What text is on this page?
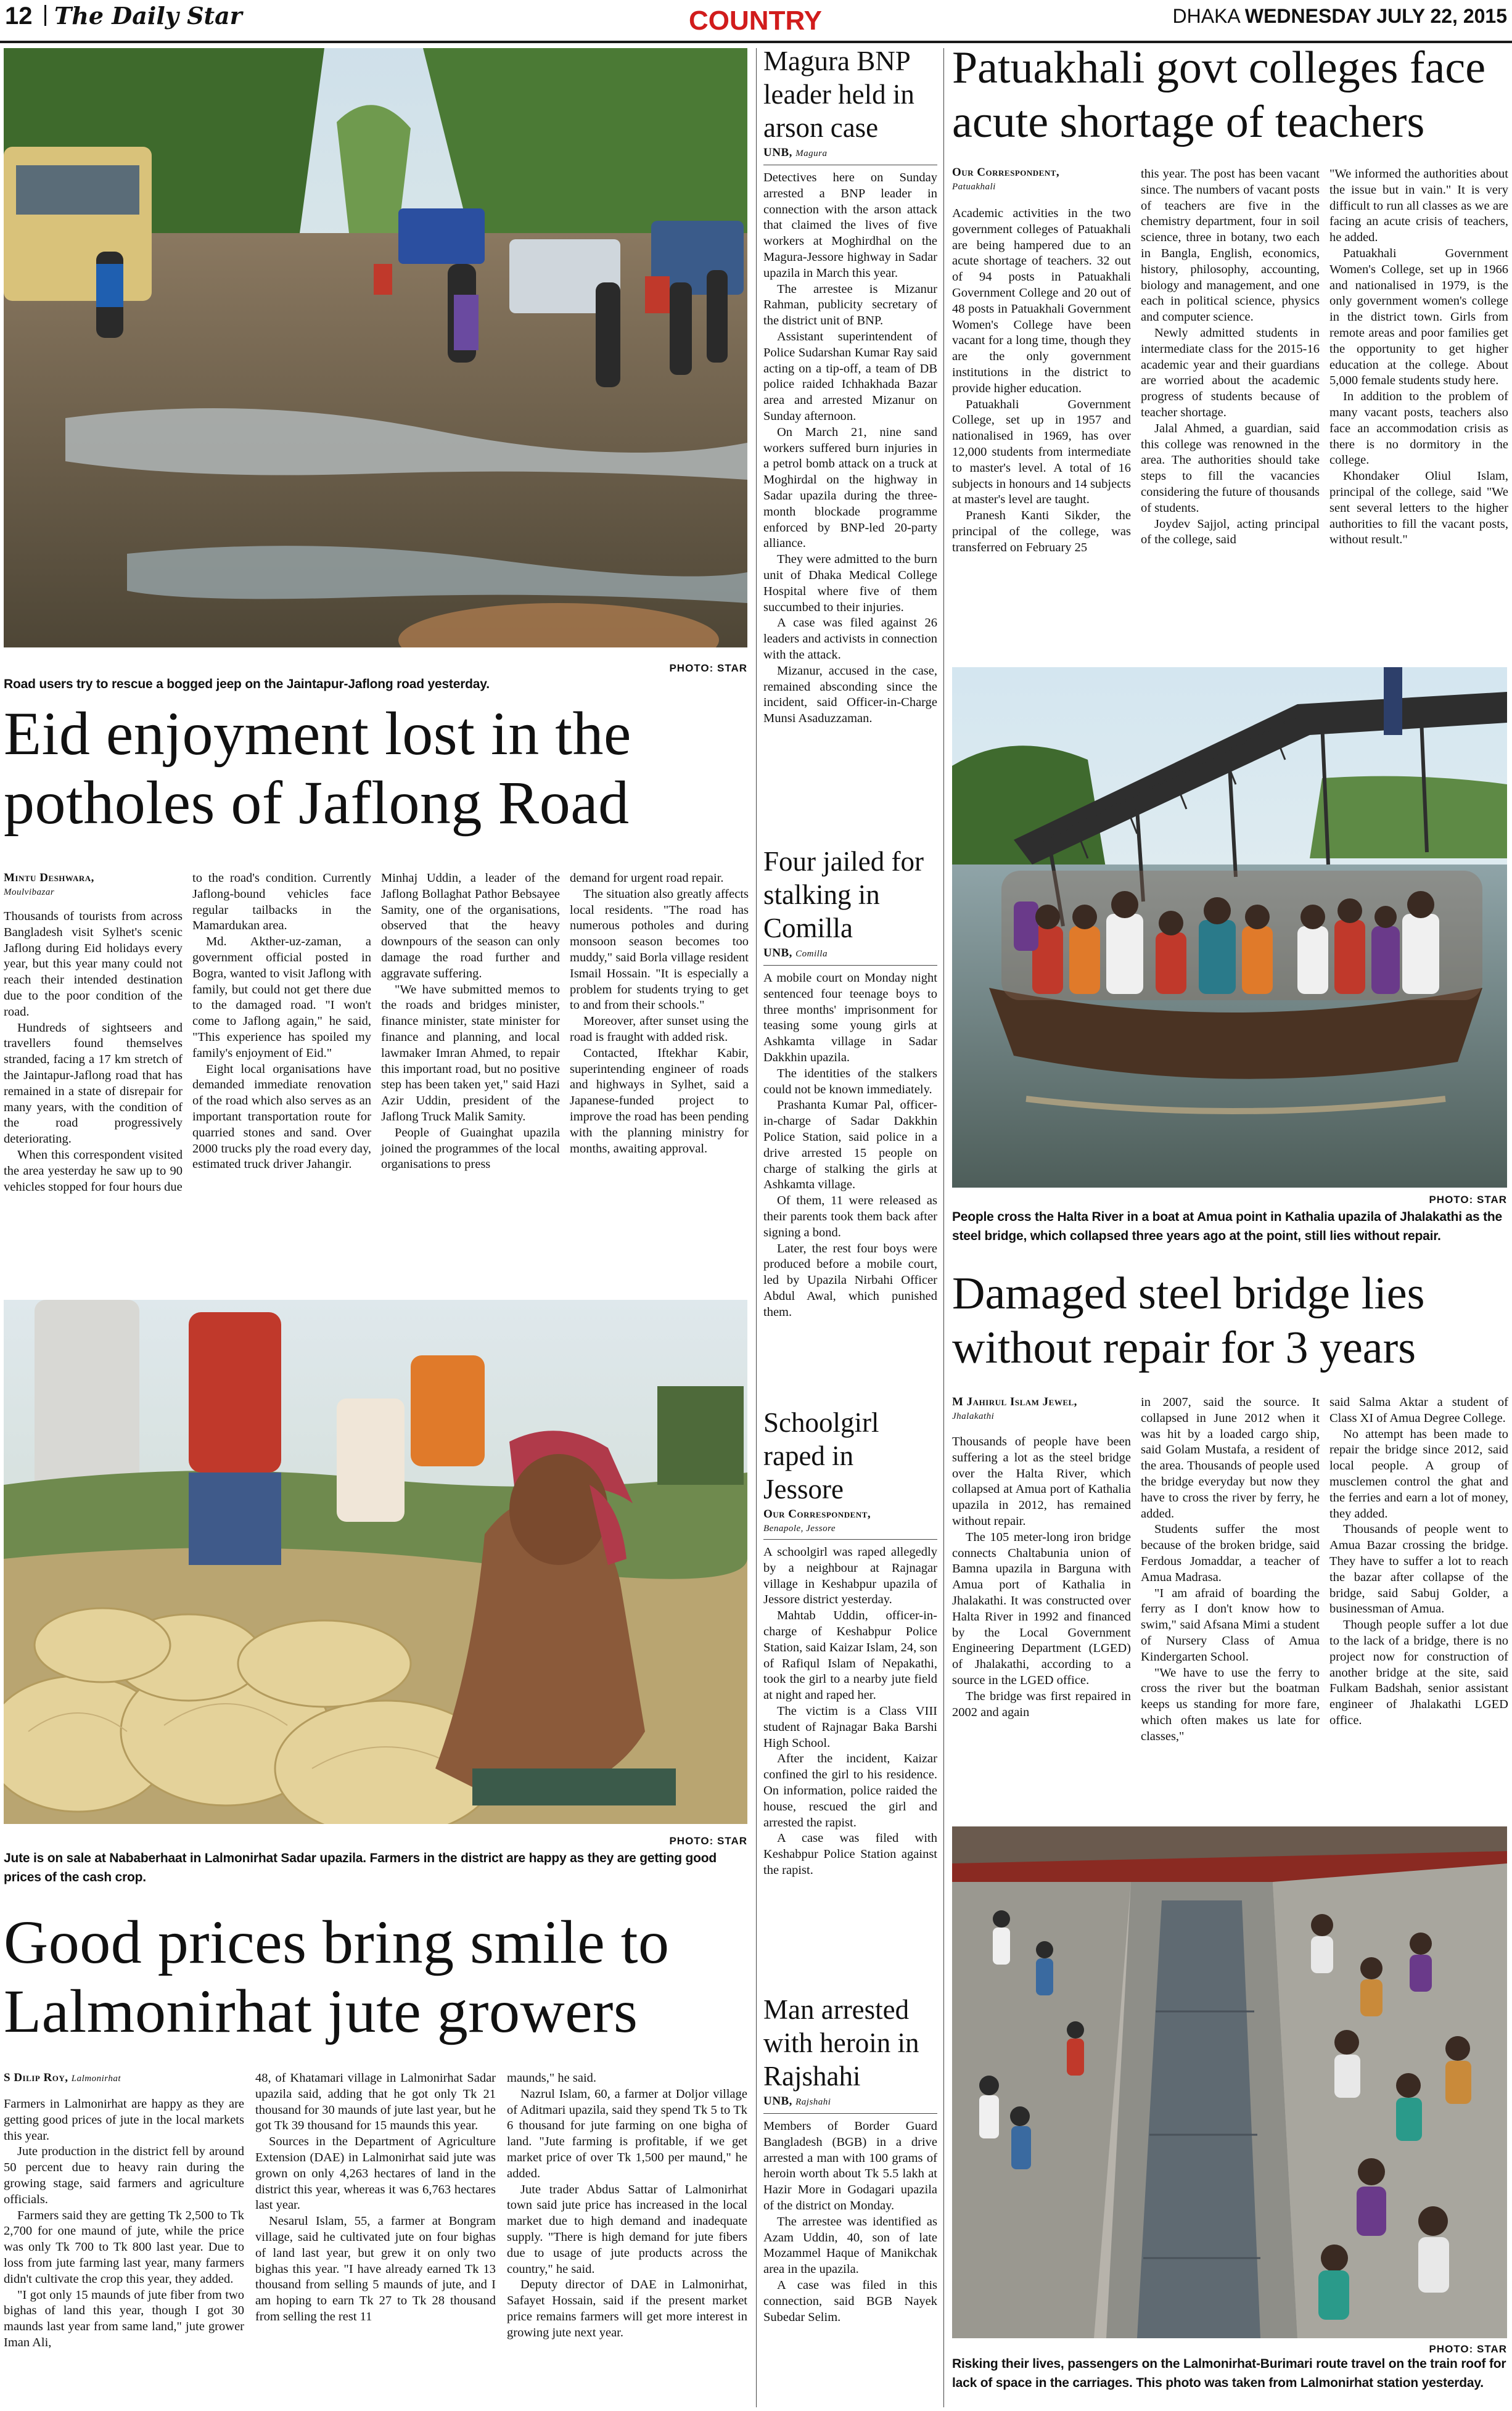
12 The Daily Star	COUNTRY	DHAKA WEDNESDAY JULY 22, 2015
PHOTO: STAR
Road users try to rescue a bogged jeep on the Jaintapur-Jaflong road yesterday.
Eid enjoyment lost in the potholes of Jaflong Road
Mintu Deshwara,
Moulvibazar

Thousands of tourists from across Bangladesh visit Sylhet's scenic Jaflong during Eid holidays every year, but this year many could not reach their intended destination due to the poor condition of the road.

Hundreds of sightseers and travellers found themselves stranded, facing a 17 km stretch of the Jaintapur-Jaflong road that has remained in a state of disrepair for many years, with the condition of the road progressively deteriorating.

When this correspondent visited the area yesterday he saw up to 90 vehicles stopped for four hours due

to the road's condition. Currently Jaflong-bound vehicles face regular tailbacks in the Mamardukan area.

Md. Akther-uz-zaman, a government official posted in Bogra, wanted to visit Jaflong with family, but could not get there due to the damaged road. "I won't come to Jaflong again," he said, "This experience has spoiled my family's enjoyment of Eid."

Eight local organisations have demanded immediate renovation of the road which also serves as an important transportation route for quarried stones and sand. Over 2000 trucks ply the road every day, estimated truck driver Jahangir.

Minhaj Uddin, a leader of the Jaflong Bollaghat Pathor Bebsayee Samity, one of the organisations, observed that the heavy downpours of the season can only damage the road further and aggravate suffering.

"We have submitted memos to the roads and bridges minister, finance minister, state minister for finance and planning, and local lawmaker Imran Ahmed, to repair this important road, but no positive step has been taken yet," said Hazi Azir Uddin, president of the Jaflong Truck Malik Samity.

People of Guainghat upazila joined the programmes of the local organisations to press

demand for urgent road repair.

The situation also greatly affects local residents. "The road has numerous potholes and during monsoon season becomes too muddy," said Borla village resident Ismail Hossain. "It is especially a problem for students trying to get to and from their schools."

Moreover, after sunset using the road is fraught with added risk.

Contacted, Iftekhar Kabir, superintending engineer of roads and highways in Sylhet, said a Japanese-funded project to improve the road has been pending with the planning ministry for months, awaiting approval.

PHOTO: STAR
Jute is on sale at Nababerhaat in Lalmonirhat Sadar upazila. Farmers in the district are happy as they are getting good prices of the cash crop.
Good prices bring smile to Lalmonirhat jute growers
S Dilip Roy, Lalmonirhat

Farmers in Lalmonirhat are happy as they are getting good prices of jute in the local markets this year.

Jute production in the district fell by around 50 percent due to heavy rain during the growing stage, said farmers and agriculture officials.

Farmers said they are getting Tk 2,500 to Tk 2,700 for one maund of jute, while the price was only Tk 700 to Tk 800 last year. Due to loss from jute farming last year, many farmers didn't cultivate the crop this year, they added.

"I got only 15 maunds of jute fiber from two bighas of land this year, though I got 30 maunds last year from same land," jute grower Iman Ali,

48, of Khatamari village in Lalmonirhat Sadar upazila said, adding that he got only Tk 21 thousand for 30 maunds of jute last year, but he got Tk 39 thousand for 15 maunds this year.

Sources in the Department of Agriculture Extension (DAE) in Lalmonirhat said jute was grown on only 4,263 hectares of land in the district this year, whereas it was 6,763 hectares last year.

Nesarul Islam, 55, a farmer at Bongram village, said he cultivated jute on four bighas of land last year, but grew it on only two bighas this year. "I have already earned Tk 13 thousand from selling 5 maunds of jute, and I am hoping to earn Tk 27 to Tk 28 thousand from selling the rest 11

maunds," he said.

Nazrul Islam, 60, a farmer at Doljor village of Aditmari upazila, said they spend Tk 5 to Tk 6 thousand for jute farming on one bigha of land. "Jute farming is profitable, if we get market price of over Tk 1,500 per maund," he added.

Jute trader Abdus Sattar of Lalmonirhat town said jute price has increased in the local market due to high demand and inadequate supply. "There is high demand for jute fibers due to usage of jute products across the country," he said.

Deputy director of DAE in Lalmonirhat, Safayet Hossain, said if the present market price remains farmers will get more interest in growing jute next year.

Magura BNP leader held in arson case
UNB, Magura

Detectives here on Sunday arrested a BNP leader in connection with the arson attack that claimed the lives of five workers at Moghirdhal on the Magura-Jessore highway in Sadar upazila in March this year.

The arrestee is Mizanur Rahman, publicity secretary of the district unit of BNP.

Assistant superintendent of Police Sudarshan Kumar Ray said acting on a tip-off, a team of DB police raided Ichhakhada Bazar area and arrested Mizanur on Sunday afternoon.

On March 21, nine sand workers suffered burn injuries in a petrol bomb attack on a truck at Moghirdal on the highway in Sadar upazila during the three-month blockade programme enforced by BNP-led 20-party alliance.

They were admitted to the burn unit of Dhaka Medical College Hospital where five of them succumbed to their injuries.

A case was filed against 26 leaders and activists in connection with the attack.

Mizanur, accused in the case, remained absconding since the incident, said Officer-in-Charge Munsi Asaduzzaman.

Four jailed for stalking in Comilla
UNB, Comilla

A mobile court on Monday night sentenced four teenage boys to three months' imprisonment for teasing some young girls at Ashkamta village in Sadar Dakkhin upazila.

The identities of the stalkers could not be known immediately.

Prashanta Kumar Pal, officer-in-charge of Sadar Dakkhin Police Station, said police in a drive arrested 15 people on charge of stalking the girls at Ashkamta village.

Of them, 11 were released as their parents took them back after signing a bond.

Later, the rest four boys were produced before a mobile court, led by Upazila Nirbahi Officer Abdul Awal, which punished them.

Schoolgirl raped in Jessore
Our Correspondent,
Benapole, Jessore

A schoolgirl was raped allegedly by a neighbour at Rajnagar village in Keshabpur upazila of Jessore district yesterday.

Mahtab Uddin, officer-in-charge of Keshabpur Police Station, said Kaizar Islam, 24, son of Rafiqul Islam of Nepakathi, took the girl to a nearby jute field at night and raped her.

The victim is a Class VIII student of Rajnagar Baka Barshi High School.

After the incident, Kaizar confined the girl to his residence. On information, police raided the house, rescued the girl and arrested the rapist.

A case was filed with Keshabpur Police Station against the rapist.

Man arrested with heroin in Rajshahi
UNB, Rajshahi

Members of Border Guard Bangladesh (BGB) in a drive arrested a man with 100 grams of heroin worth about Tk 5.5 lakh at Hazir More in Godagari upazila of the district on Monday.

The arrestee was identified as Azam Uddin, 40, son of late Mozammel Haque of Manikchak area in the upazila.

A case was filed in this connection, said BGB Nayek Subedar Selim.

Patuakhali govt colleges face acute shortage of teachers
Our Correspondent,
Patuakhali

Academic activities in the two government colleges of Patuakhali are being hampered due to an acute shortage of teachers. 32 out of 94 posts in Patuakhali Government College and 20 out of 48 posts in Patuakhali Government Women's College have been vacant for a long time, though they are the only government institutions in the district to provide higher education.

Patuakhali Government College, set up in 1957 and nationalised in 1969, has over 12,000 students from intermediate to master's level. A total of 16 subjects in honours and 14 subjects at master's level are taught.

Pranesh Kanti Sikder, the principal of the college, was transferred on February 25

this year. The post has been vacant since. The numbers of vacant posts of teachers are five in the chemistry department, four in soil science, three in botany, two each in Bangla, English, economics, history, philosophy, accounting, biology and management, and one each in political science, physics and computer science.

Newly admitted students in intermediate class for the 2015-16 academic year and their guardians are worried about the academic progress of students because of teacher shortage.

Jalal Ahmed, a guardian, said this college was renowned in the area. The authorities should take steps to fill the vacancies considering the future of thousands of students.

Joydev Sajjol, acting principal of the college, said

"We informed the authorities about the issue but in vain." It is very difficult to run all classes as we are facing an acute crisis of teachers, he added.

Patuakhali Government Women's College, set up in 1966 and nationalised in 1979, is the only government women's college in the district town. Girls from remote areas and poor families get the opportunity to get higher education at the college. About 5,000 female students study here.

In addition to the problem of many vacant posts, teachers also face an accommodation crisis as there is no dormitory in the college.

Khondaker Oliul Islam, principal of the college, said "We sent several letters to the higher authorities to fill the vacant posts, without result."

PHOTO: STAR
People cross the Halta River in a boat at Amua point in Kathalia upazila of Jhalakathi as the steel bridge, which collapsed three years ago at the point, still lies without repair.
Damaged steel bridge lies without repair for 3 years
M Jahirul Islam Jewel,
Jhalakathi

Thousands of people have been suffering a lot as the steel bridge over the Halta River, which collapsed at Amua port of Kathalia upazila in 2012, has remained without repair.

The 105 meter-long iron bridge connects Chaltabunia union of Bamna upazila in Barguna with Amua port of Kathalia in Jhalakathi. It was constructed over Halta River in 1992 and financed by the Local Government Engineering Department (LGED) of Jhalakathi, according to a source in the LGED office.

The bridge was first repaired in 2002 and again

in 2007, said the source. It collapsed in June 2012 when it was hit by a loaded cargo ship, said Golam Mustafa, a resident of the area. Thousands of people used the bridge everyday but now they have to cross the river by ferry, he added.

Students suffer the most because of the broken bridge, said Ferdous Jomaddar, a teacher of Amua Madrasa.

"I am afraid of boarding the ferry as I don't know how to swim," said Afsana Mimi a student of Nursery Class of Amua Kindergarten School.

"We have to use the ferry to cross the river but the boatman keeps us standing for more fare, which often makes us late for classes,"

said Salma Aktar a student of Class XI of Amua Degree College.

No attempt has been made to repair the bridge since 2012, said local people. A group of musclemen control the ghat and the ferries and earn a lot of money, they added.

Thousands of people went to Amua Bazar crossing the bridge. They have to suffer a lot to reach the bazar after collapse of the bridge, said Sabuj Golder, a businessman of Amua.

Though people suffer a lot due to the lack of a bridge, there is no project now for construction of another bridge at the site, said Fulkam Badshah, senior assistant engineer of Jhalakathi LGED office.

PHOTO: STAR
Risking their lives, passengers on the Lalmonirhat-Burimari route travel on the train roof for lack of space in the carriages. This photo was taken from Lalmonirhat station yesterday.
